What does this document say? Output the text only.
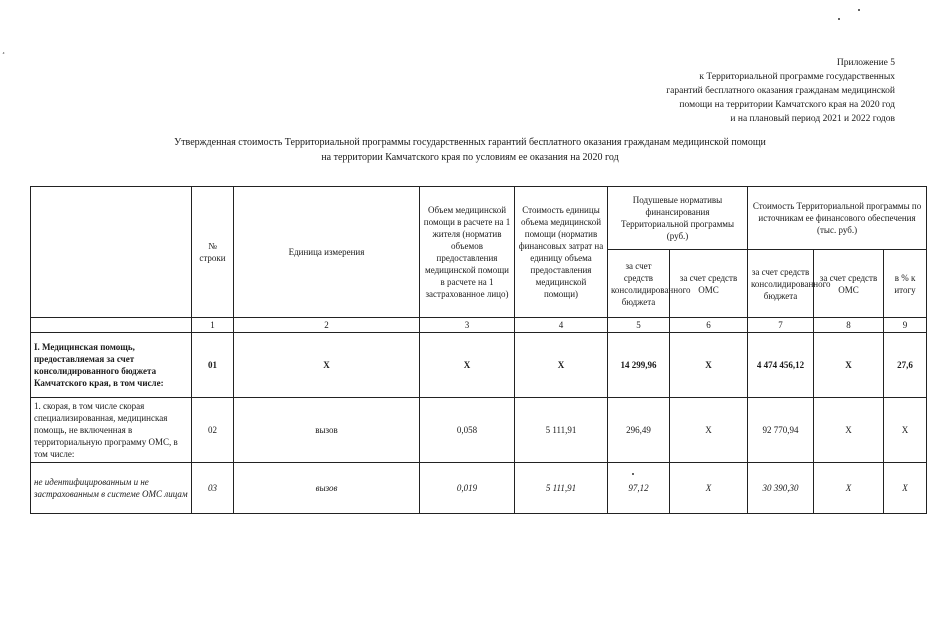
¸
Приложение 5
к Территориальной программе государственных
гарантий бесплатного оказания гражданам медицинской
помощи на территории Камчатского края на 2020 год
и на плановый период 2021 и 2022 годов
Утвержденная стоимость Территориальной программы государственных гарантий бесплатного оказания гражданам медицинской помощи
на территории Камчатского края по условиям ее оказания на 2020 год
	№ строки	Единица измерения	Объем медицинской помощи в расчете на 1 жителя (норматив объемов предоставления медицинской помощи в расчете на 1 застрахованное лицо)	Стоимость единицы объема медицинской помощи (норматив финансовых затрат на единицу объема предоставления медицинской помощи)	Подушевые нормативы финансирования Территориальной программы (руб.)		Стоимость Территориальной программы по источникам ее финансового обеспечения (тыс. руб.)		
					за счет средств консолидированного бюджета	за счет средств ОМС	за счет средств консолидированного бюджета	за счет средств ОМС	в % к итогу
	1	2	3	4	5	6	7	8	9
I. Медицинская помощь, предоставляемая за счет консолидированного бюджета Камчатского края, в том числе:	01	X	X	X	14 299,96	X	4 474 456,12	X	27,6
1. скорая, в том числе скорая специализированная, медицинская помощь, не включенная в территориальную программу ОМС, в том числе:	02	вызов	0,058	5 111,91	296,49	X	92 770,94	X	X
не идентифицированным и не застрахованным в системе ОМС лицам	03	вызов	0,019	5 111,91	97,12	X	30 390,30	X	X
